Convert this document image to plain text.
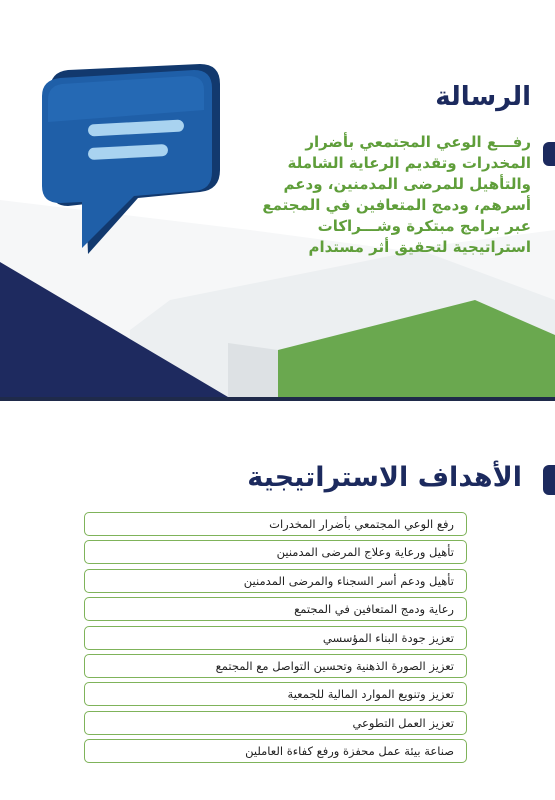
الرسالة

رفـــع الوعي المجتمعي بأضرار المخدرات وتقديم الرعاية الشاملة والتأهيل للمرضى المدمنين، ودعم أسرهم، ودمج المتعافين في المجتمع عبر برامج مبتكرة وشـــراكات استراتيجية لتحقيق أثر مستدام

الأهداف الاستراتيجية
رفع الوعي المجتمعي بأضرار المخدرات
تأهيل ورعاية وعلاج المرضى المدمنين
تأهيل ودعم أسر السجناء والمرضى المدمنين
رعاية ودمج المتعافين في المجتمع
تعزيز جودة البناء المؤسسي
تعزيز الصورة الذهنية وتحسين التواصل مع المجتمع
تعزيز وتنويع الموارد المالية للجمعية
تعزيز العمل التطوعي
صناعة بيئة عمل محفزة ورفع كفاءة العاملين
